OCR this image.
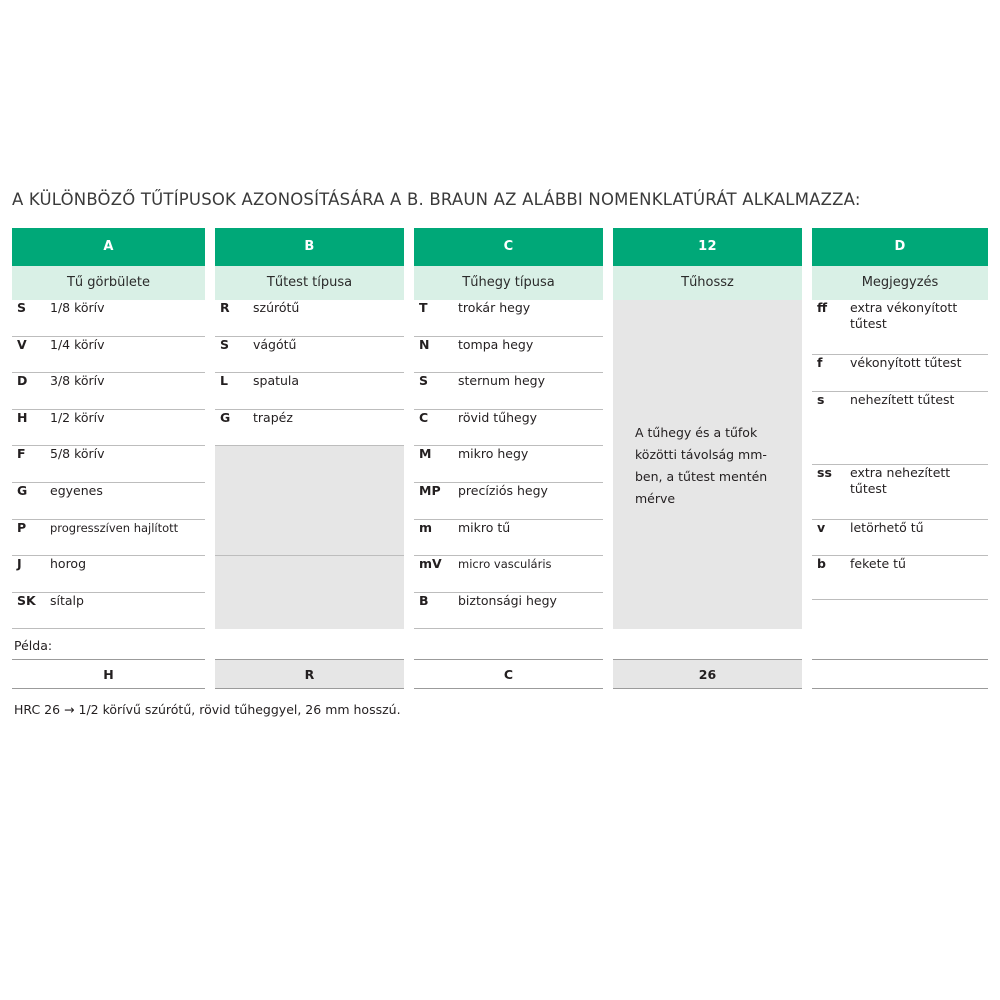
A KÜLÖNBÖZŐ TŰTÍPUSOK AZONOSÍTÁSÁRA A B. BRAUN AZ ALÁBBI NOMENKLATÚRÁT ALKALMAZZA:
A		B		C		12		D
Tű görbülete		Tűtest típusa		Tűhegy típusa		Tűhossz		Megjegyzés

S	1/8 körív
V	1/4 körív
D	3/8 körív
H	1/2 körív
F	5/8 körív
G	egyenes
P	progresszíven hajlított
J	horog
SK	sítalp

R	szúrótű
S	vágótű
L	spatula
G	trapéz

T	trokár hegy
N	tompa hegy
S	sternum hegy
C	rövid tűhegy
M	mikro hegy
MP	precíziós hegy
m	mikro tű
mV	micro vasculáris
B	biztonsági hegy

A tűhegy és a tűfok közötti távolság mm-ben, a tűtest mentén mérve

ff	extra vékonyított tűtest
f	vékonyított tűtest
s	nehezített tűtest
ss	extra nehezített tűtest
v	letörhető tű
b	fekete tű
Példa:
H	R	C	26
HRC 26 → 1/2 körívű szúrótű, rövid tűheggyel, 26 mm hosszú.
